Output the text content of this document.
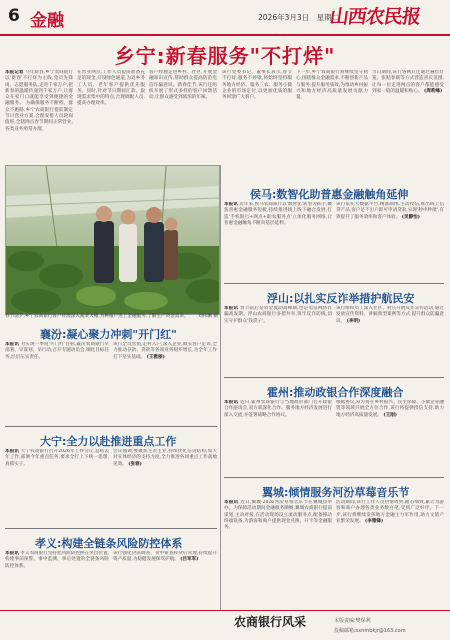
6 金融	2026年3月3日　星期二
山西农民报
乡宁:新春服务"不打烊"
本报记者 马年新春,乡宁农商银行以'新春'不打烊为主线,党员先锋岗、志愿服务队,走进千家万户,把新春的温暖传递到千家万户,让群众在家门口就能享受到便捷的金融服务。 为确保服务不断档、群众不跑路,乡宁农商银行提前制定节日营业方案,合理安排人员轮岗值班,全辖网点春节期间正常营业,各类业务照常办理。
在营业网点,工作人员提前准备充足的现金,开设绿色通道,为返乡务工人员、老年客户提供优先服务。同时,针对节日期间汇款、取现需求集中的特点,合理调配人员,提高办理效率。
客户经理走进乡村、社区,开展金融知识宣传,帮助群众提高防范电信诈骗意识。新春佳节,该行还组织开展了形式多样的客户回馈活动,让群众感受到浓浓的年味。
该行党委书记、董事长表示,春节不打烊,服务不停歇,将始终坚持服务地方经济、服务三农、服务小微企业的市场定位,以更加优质的服务回馈广大客户。
下一步,乡宁农商银行将继续坚守初心,围绕群众金融需求,不断创新产品与服务,提升服务质效,为推动乡村振兴和地方经济高质量发展贡献力量。
节日期间,该行各网点还通过悬挂灯笼、张贴春联等方式营造喜庆氛围,让每一位走进网点的客户都能感受到家一般的温暖和贴心。 (周莉峰)
春节前夕,乡宁农商银行客户经理深入蔬菜大棚,为种植户送上金融服务,了解生产资金需求。 刘伟鹏 摄
侯马:数智化助普惠金融触角延伸
本报讯 近年来,侯马农商银行以'数智化'转型为抓手,聚焦普惠金融服务短板,持续推进线上线下融合发展,打造'手机银行+网点+助农服务点'立体化服务网络,让普惠金融触角不断向基层延伸。
该行依托大数据平台,精准画像,主动授信,推出线上信贷产品,客户足不出户即可申请贷款,实现'秒申秒批',有效提升了服务效率和客户体验。 (吴静怡)
浮山:以扎实反诈举措护航民安
本报讯 春节前后是资金流动高峰期,也是电信网络诈骗高发期。浮山农商银行多措并举,筑牢反诈防线,切实守护群众'钱袋子'。
该行组织员工深入社区、村庄开展反诈宣传活动,通过发放宣传资料、讲解典型案例等方式,提升群众防骗意识。 (李明)
霍州:推动政银合作深度融合
本报讯 近日,霍州农商银行与当地政府部门召开政银合作座谈会,双方就深化合作、服务地方经济发展进行深入交流,并签署战略合作协议。
根据协议,双方将在乡村振兴、民生保障、小微企业融资等领域开展全方位合作,该行将提供授信支持,助力地方经济高质量发展。 (王刚)
翼城:倾情服务河汾草莓音乐节
本报讯 近日,翼城·2026河汾草莓音乐节在翼城县举办。为保障活动期间金融服务顺畅,翼城农商银行提前谋划,主动对接,在活动现场设立流动服务点,配备移动终端设备,为游客和商户提供现金兑换、开卡等金融服务。
活动期间,该行工作人员热情周到,耐心细致,累计为游客和商户办理各类业务数百笔,受到广泛好评。下一步,该行将继续发挥地方金融主力军作用,助力文旅产业繁荣发展。 (李雅锋)
襄汾:凝心聚力冲刺"开门红"
本报讯 为实现一季度'开门红'目标,襄汾农商银行早部署、早谋划、早行动,召开专题动员会,细化目标任务,层层压实责任。
该行全员营销,走村入户,深入企业,做实客户走访,全力推动存款、贷款等各项业务稳步增长,为全年工作打下坚实基础。 (王雅丽)
大宁:全力以赴推进重点工作
本报讯 大宁农商银行召开2026年工作会议,总结去年工作,部署今年重点任务,要求全行上下统一思想,真抓实干。
会议强调,要聚焦主责主业,持续优化信贷结构,加大对实体经济的支持力度,全力推进各项重点工作落地见效。 (张春)
孝义:构建全链条风险防控体系
本报讯 孝义农商银行坚持把风险防控摆在突出位置,构建事前预警、事中监测、事后处置的全链条风险防控体系。
该行强化贷前调查、贷中审查和贷后管理,持续提升资产质量,为稳健发展保驾护航。 (吕军军)
农商银行风采	本版责编:樊保利
投稿邮箱:sxnmbkjr@163.com
